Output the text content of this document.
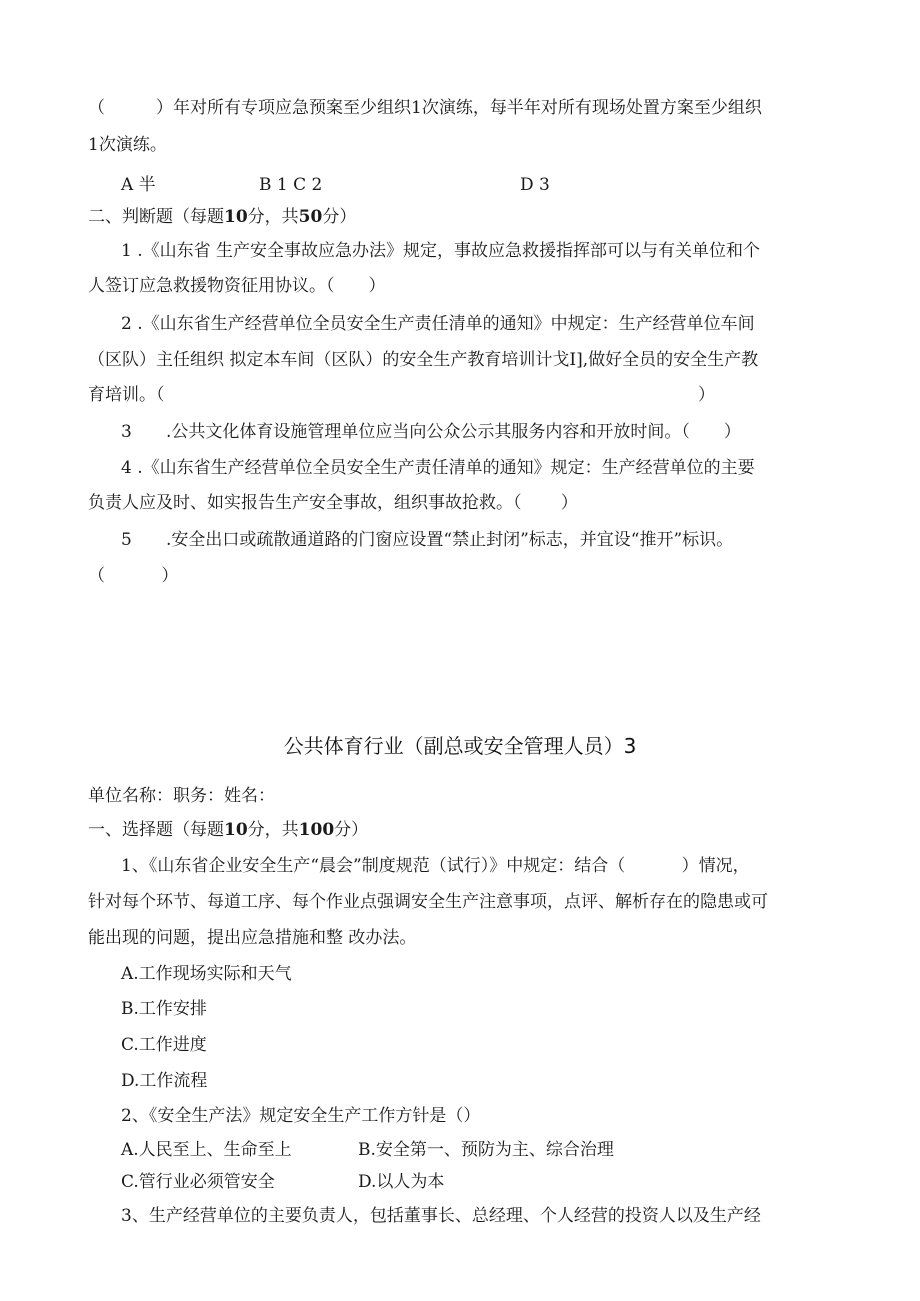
（　　　）年对所有专项应急预案至少组织1次演练，每半年对所有现场处置方案至少组织
1次演练。
A 半	B 1 C 2	D 3
二、判断题（每题10分，共50分）
1 .《山东省 生产安全事故应急办法》规定，事故应急救援指挥部可以与有关单位和个
人签订应急救援物资征用协议。（　　）
2 .《山东省生产经营单位全员安全生产责任清单的通知》中规定：生产经营单位车间
（区队）主任组织 拟定本车间（区队）的安全生产教育培训计戈I],做好全员的安全生产教
育培训。（	）
3 .公共文化体育设施管理单位应当向公众公示其服务内容和开放时间。（　　）
4 .《山东省生产经营单位全员安全生产责任清单的通知》规定：生产经营单位的主要
负责人应及时、如实报告生产安全事故，组织事故抢救。（　　 ）
5 .安全出口或疏散通道路的门窗应设置“禁止封闭”标志，并宜设“推开”标识。
（　　　 ）
公共体育行业（副总或安全管理人员）3
单位名称：职务：姓名：
一、选择题（每题10分，共100分）
1、《山东省企业安全生产“晨会”制度规范（试行）》中规定：结合（　　　 ）情况，
针对每个环节、每道工序、每个作业点强调安全生产注意事项，点评、解析存在的隐患或可
能出现的问题，提出应急措施和整 改办法。
A.工作现场实际和天气
B.工作安排
C.工作进度
D.工作流程
2、《安全生产法》规定安全生产工作方针是（）
A.人民至上、生命至上	B.安全第一、预防为主、综合治理
C.管行业必须管安全	D.以人为本
3、生产经营单位的主要负责人，包括董事长、总经理、个人经营的投资人以及生产经
